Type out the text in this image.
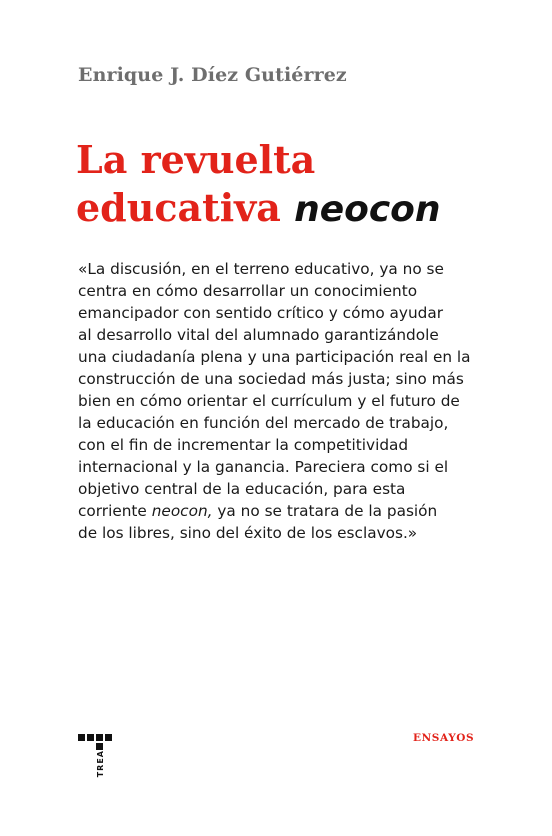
Enrique J. Díez Gutiérrez
La revuelta
educativa neocon
«La discusión, en el terreno educativo, ya no se
centra en cómo desarrollar un conocimiento
emancipador con sentido crítico y cómo ayudar
al desarrollo vital del alumnado garantizándole
una ciudadanía plena y una participación real en la
construcción de una sociedad más justa; sino más
bien en cómo orientar el currículum y el futuro de
la educación en función del mercado de trabajo,
con el fin de incrementar la competitividad
internacional y la ganancia. Pareciera como si el
objetivo central de la educación, para esta
corriente neocon, ya no se tratara de la pasión
de los libres, sino del éxito de los esclavos.»
TREA
ENSAYOS
